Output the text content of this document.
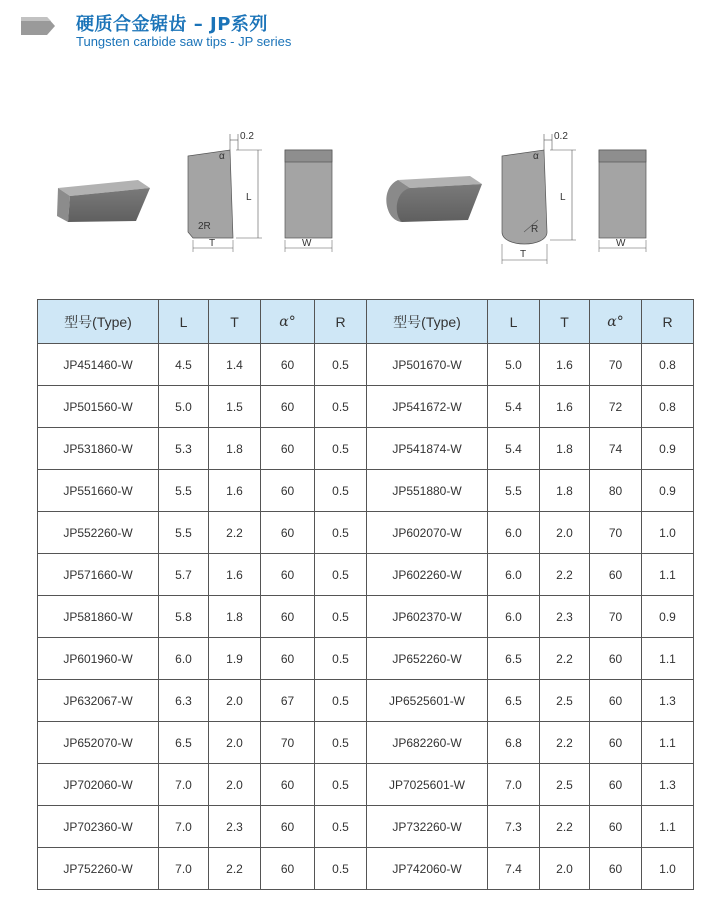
硬质合金锯齿 – JP系列
Tungsten carbide saw tips - JP series
0.2
α
L
2R
T	W
0.2
α
L
R
T
W
型号(Type)	L	T	α°	R	型号(Type)	L	T	α°	R
JP451460-W	4.5	1.4	60	0.5	JP501670-W	5.0	1.6	70	0.8
JP501560-W	5.0	1.5	60	0.5	JP541672-W	5.4	1.6	72	0.8
JP531860-W	5.3	1.8	60	0.5	JP541874-W	5.4	1.8	74	0.9
JP551660-W	5.5	1.6	60	0.5	JP551880-W	5.5	1.8	80	0.9
JP552260-W	5.5	2.2	60	0.5	JP602070-W	6.0	2.0	70	1.0
JP571660-W	5.7	1.6	60	0.5	JP602260-W	6.0	2.2	60	1.1
JP581860-W	5.8	1.8	60	0.5	JP602370-W	6.0	2.3	70	0.9
JP601960-W	6.0	1.9	60	0.5	JP652260-W	6.5	2.2	60	1.1
JP632067-W	6.3	2.0	67	0.5	JP6525601-W	6.5	2.5	60	1.3
JP652070-W	6.5	2.0	70	0.5	JP682260-W	6.8	2.2	60	1.1
JP702060-W	7.0	2.0	60	0.5	JP7025601-W	7.0	2.5	60	1.3
JP702360-W	7.0	2.3	60	0.5	JP732260-W	7.3	2.2	60	1.1
JP752260-W	7.0	2.2	60	0.5	JP742060-W	7.4	2.0	60	1.0
